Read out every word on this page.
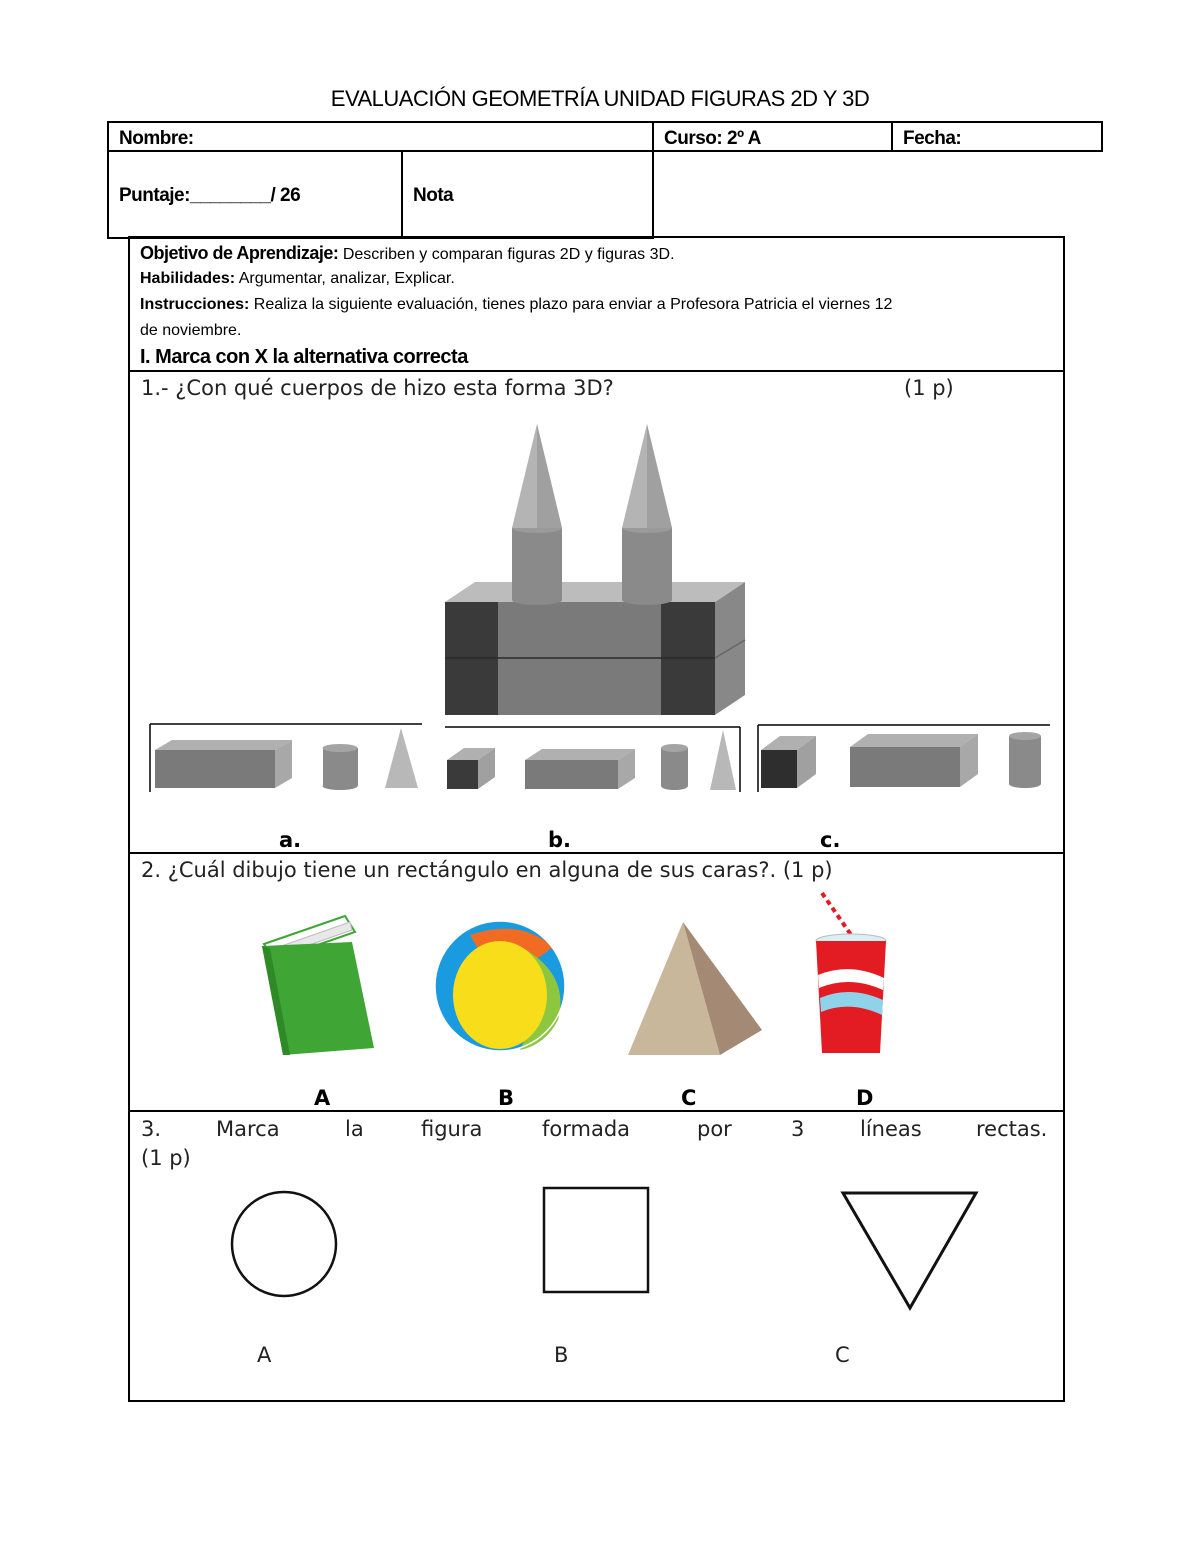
EVALUACIÓN GEOMETRÍA UNIDAD FIGURAS 2D Y 3D
Nombre:	Curso: 2º A	Fecha:
Puntaje:________/ 26	Nota
Objetivo de Aprendizaje: Describen y comparan figuras 2D y figuras 3D.
Habilidades: Argumentar, analizar, Explicar.
Instrucciones: Realiza la siguiente evaluación, tienes plazo para enviar a Profesora Patricia el viernes 12
de noviembre.
I. Marca con X la alternativa correcta
1.- ¿Con qué cuerpos de hizo esta forma 3D?	(1 p)
a.	b.	c.
2. ¿Cuál dibujo tiene un rectángulo en alguna de sus caras?. (1 p)
A	B	C	D
3.	Marca	la	figura	formada	por	3	líneas	rectas.
(1 p)
A	B	C
